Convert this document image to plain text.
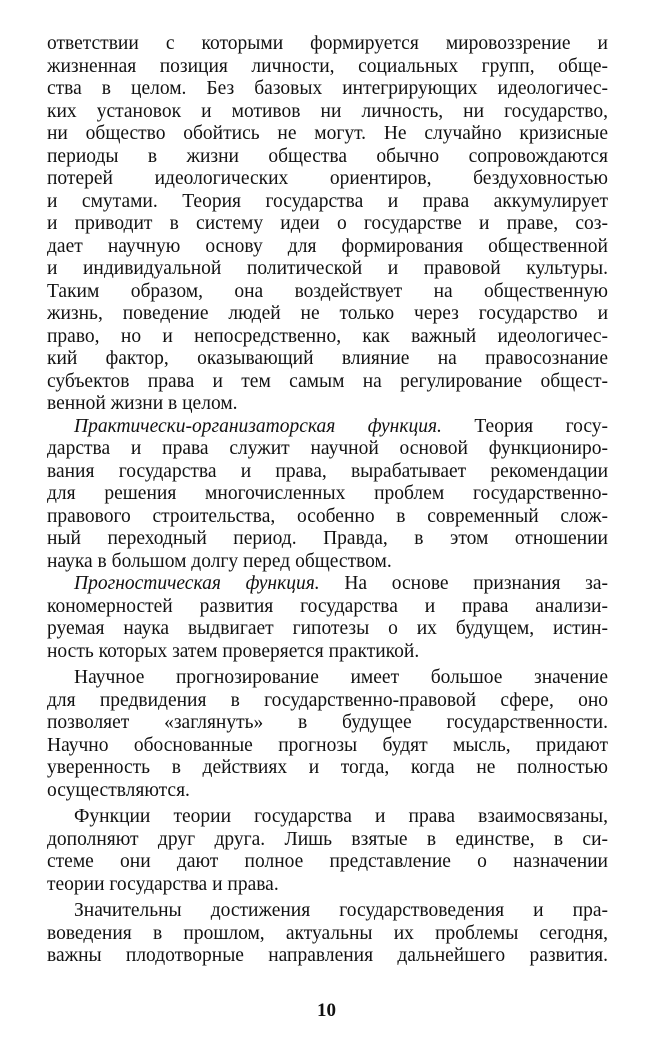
ответствии с которыми формируется мировоззрение и
жизненная позиция личности, социальных групп, обще-
ства в целом. Без базовых интегрирующих идеологичес-
ких установок и мотивов ни личность, ни государство,
ни общество обойтись не могут. Не случайно кризисные
периоды в жизни общества обычно сопровождаются
потерей идеологических ориентиров, бездуховностью
и смутами. Теория государства и права аккумулирует
и приводит в систему идеи о государстве и праве, соз-
дает научную основу для формирования общественной
и индивидуальной политической и правовой культуры.
Таким образом, она воздействует на общественную
жизнь, поведение людей не только через государство и
право, но и непосредственно, как важный идеологичес-
кий фактор, оказывающий влияние на правосознание
субъектов права и тем самым на регулирование общест-
венной жизни в целом.
Практически-организаторская функция. Теория госу-
дарства и права служит научной основой функциониро-
вания государства и права, вырабатывает рекомендации
для решения многочисленных проблем государственно-
правового строительства, особенно в современный слож-
ный переходный период. Правда, в этом отношении
наука в большом долгу перед обществом.
Прогностическая функция. На основе признания за-
кономерностей развития государства и права анализи-
руемая наука выдвигает гипотезы о их будущем, истин-
ность которых затем проверяется практикой.
Научное прогнозирование имеет большое значение
для предвидения в государственно-правовой сфере, оно
позволяет «заглянуть» в будущее государственности.
Научно обоснованные прогнозы будят мысль, придают
уверенность в действиях и тогда, когда не полностью
осуществляются.
Функции теории государства и права взаимосвязаны,
дополняют друг друга. Лишь взятые в единстве, в си-
стеме они дают полное представление о назначении
теории государства и права.
Значительны достижения государствоведения и пра-
воведения в прошлом, актуальны их проблемы сегодня,
важны плодотворные направления дальнейшего развития.
10
